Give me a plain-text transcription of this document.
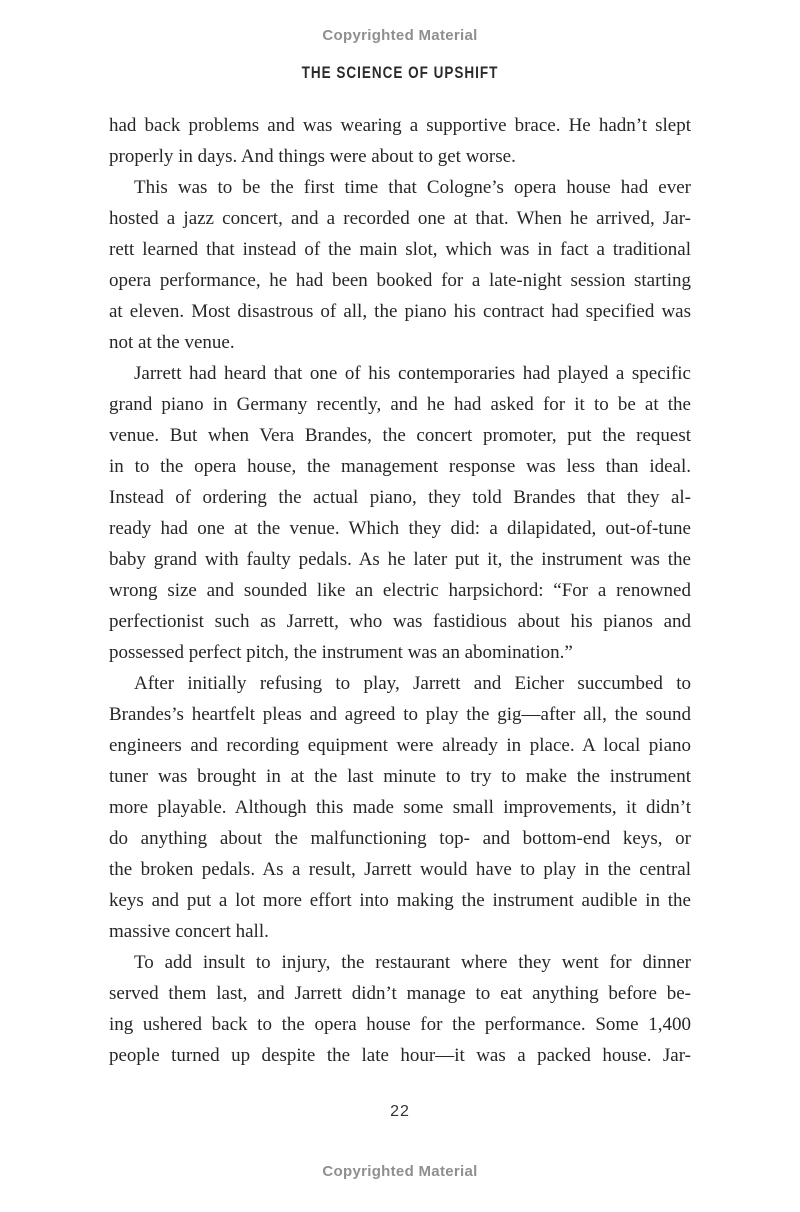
Copyrighted Material
THE SCIENCE OF UPSHIFT
had back problems and was wearing a supportive brace. He hadn’t slept
properly in days. And things were about to get worse.
This was to be the first time that Cologne’s opera house had ever
hosted a jazz concert, and a recorded one at that. When he arrived, Jar-
rett learned that instead of the main slot, which was in fact a traditional
opera performance, he had been booked for a late-night session starting
at eleven. Most disastrous of all, the piano his contract had specified was
not at the venue.
Jarrett had heard that one of his contemporaries had played a specific
grand piano in Germany recently, and he had asked for it to be at the
venue. But when Vera Brandes, the concert promoter, put the request
in to the opera house, the management response was less than ideal.
Instead of ordering the actual piano, they told Brandes that they al-
ready had one at the venue. Which they did: a dilapidated, out-of-tune
baby grand with faulty pedals. As he later put it, the instrument was the
wrong size and sounded like an electric harpsichord: “For a renowned
perfectionist such as Jarrett, who was fastidious about his pianos and
possessed perfect pitch, the instrument was an abomination.”
After initially refusing to play, Jarrett and Eicher succumbed to
Brandes’s heartfelt pleas and agreed to play the gig—after all, the sound
engineers and recording equipment were already in place. A local piano
tuner was brought in at the last minute to try to make the instrument
more playable. Although this made some small improvements, it didn’t
do anything about the malfunctioning top- and bottom-end keys, or
the broken pedals. As a result, Jarrett would have to play in the central
keys and put a lot more effort into making the instrument audible in the
massive concert hall.
To add insult to injury, the restaurant where they went for dinner
served them last, and Jarrett didn’t manage to eat anything before be-
ing ushered back to the opera house for the performance. Some 1,400
people turned up despite the late hour—it was a packed house. Jar-
22
Copyrighted Material
